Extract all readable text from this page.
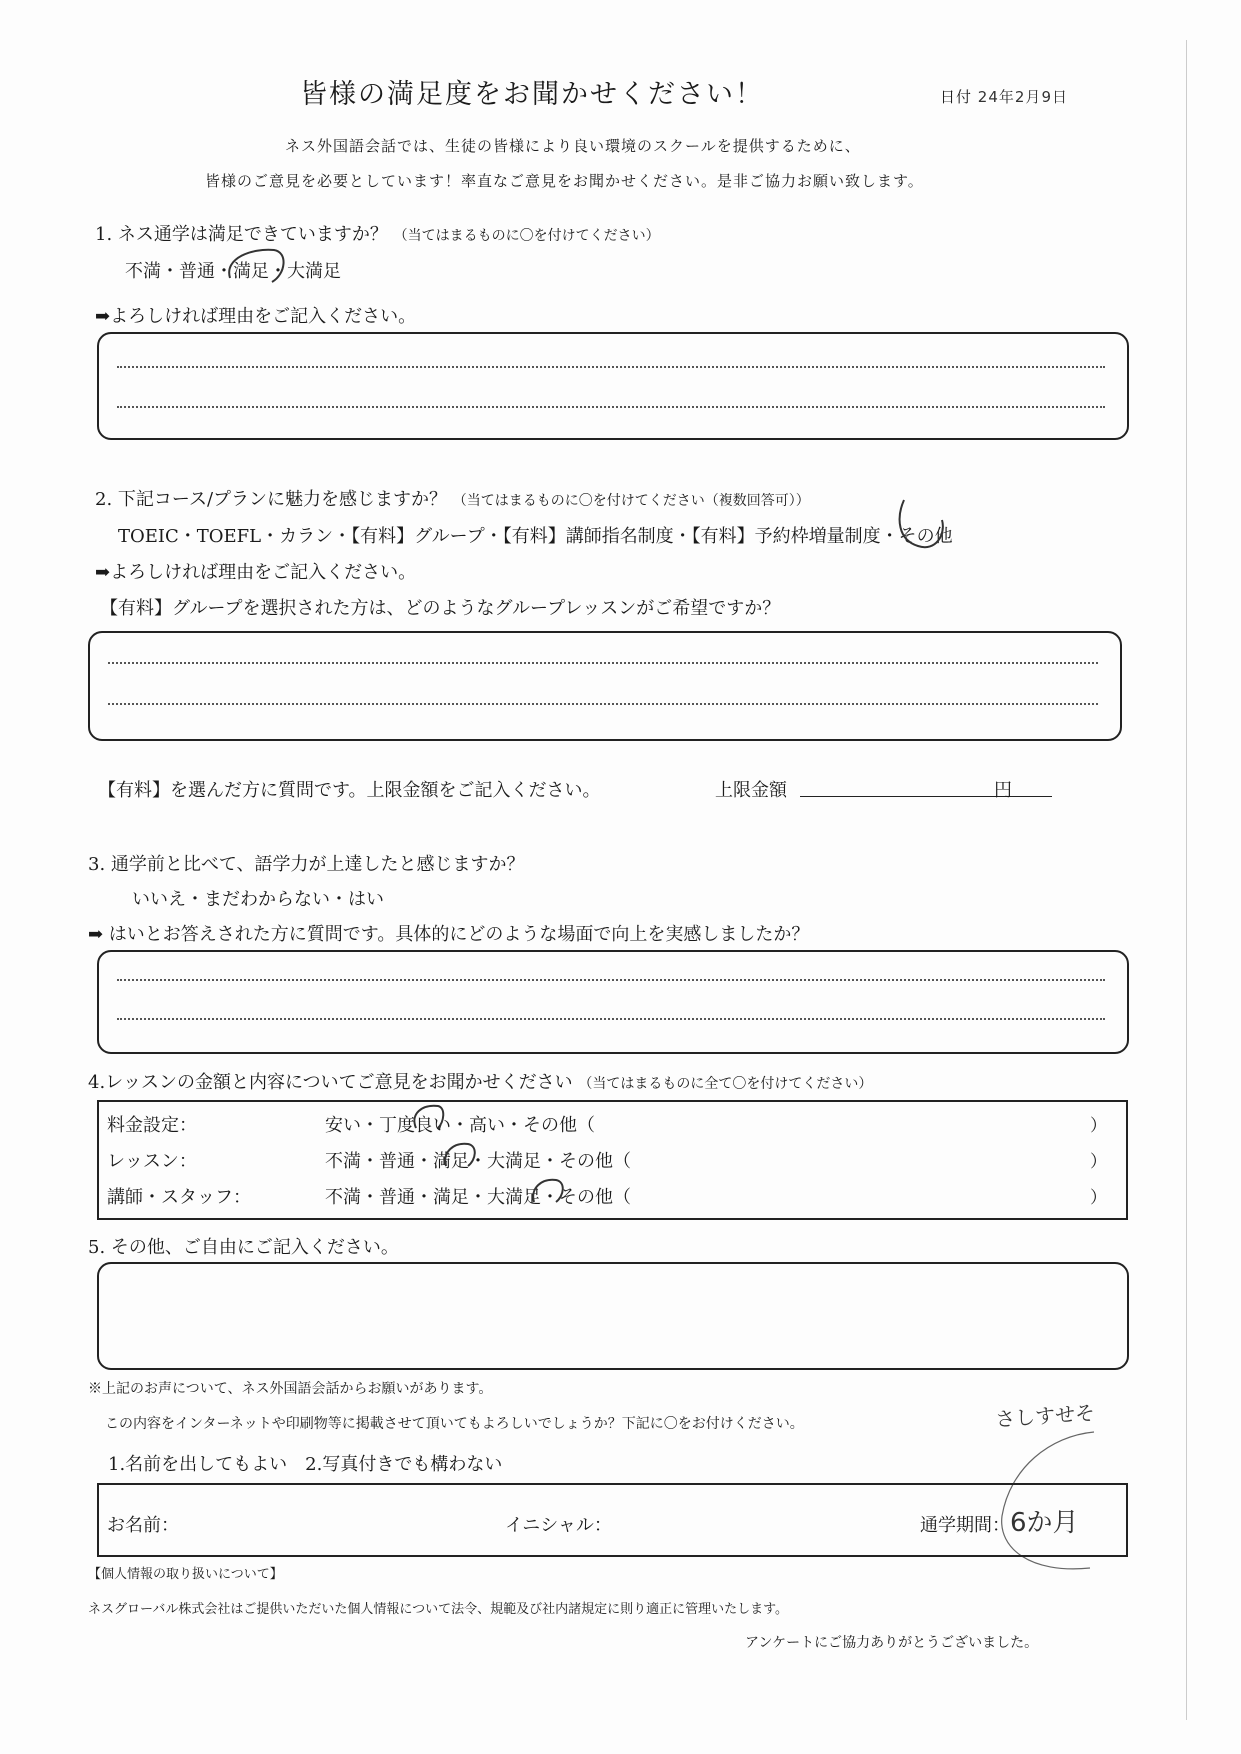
皆様の満足度をお聞かせください！	日付 24年2月9日
ネス外国語会話では、生徒の皆様により良い環境のスクールを提供するために、
皆様のご意見を必要としています！率直なご意見をお聞かせください。是非ご協力お願い致します。
1. ネス通学は満足できていますか？ （当てはまるものに〇を付けてください）
不満・普通・満足・大満足
➡よろしければ理由をご記入ください。
2. 下記コース/プランに魅力を感じますか？ （当てはまるものに〇を付けてください（複数回答可））
TOEIC・TOEFL・カラン・【有料】グループ・【有料】講師指名制度・【有料】予約枠増量制度・その他
➡よろしければ理由をご記入ください。
【有料】グループを選択された方は、どのようなグループレッスンがご希望ですか？
【有料】を選んだ方に質問です。上限金額をご記入ください。	上限金額	円
3. 通学前と比べて、語学力が上達したと感じますか？
いいえ・まだわからない・はい
➡ はいとお答えされた方に質問です。具体的にどのような場面で向上を実感しましたか？
4.レッスンの金額と内容についてご意見をお聞かせください （当てはまるものに全て〇を付けてください）
料金設定：	安い・丁度良い・高い・その他（	）
レッスン：	不満・普通・満足・大満足・その他（	）
講師・スタッフ：	不満・普通・満足・大満足・その他（	）
5. その他、ご自由にご記入ください。
※上記のお声について、ネス外国語会話からお願いがあります。
この内容をインターネットや印刷物等に掲載させて頂いてもよろしいでしょうか？下記に〇をお付けください。	さしすせそ
1.名前を出してもよい　2.写真付きでも構わない
お名前：	イニシャル：	通学期間： 6か月
【個人情報の取り扱いについて】
ネスグローバル株式会社はご提供いただいた個人情報について法令、規範及び社内諸規定に則り適正に管理いたします。
アンケートにご協力ありがとうございました。
